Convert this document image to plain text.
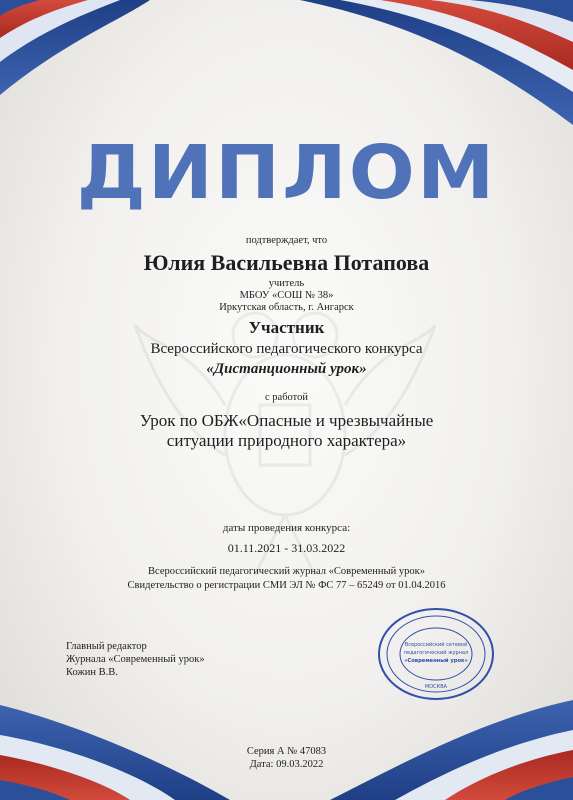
ДИПЛОМ
подтверждает, что
Юлия Васильевна Потапова
учитель
МБОУ «СОШ № 38»
Иркутская область, г. Ангарск
Участник
Всероссийского педагогического конкурса
«Дистанционный урок»
с работой
Урок по ОБЖ«Опасные и чрезвычайные
ситуации природного характера»
даты проведения конкурса:
01.11.2021 - 31.03.2022
Всероссийский педагогический журнал «Современный урок»
Свидетельство о регистрации СМИ ЭЛ № ФС 77 – 65249 от 01.04.2016
Главный редактор
Журнала «Современный урок»
Кожин В.В.
Всероссийский сетевой
педагогический журнал
«Современный урок»
МОСКВА
Серия А № 47083
Дата: 09.03.2022
